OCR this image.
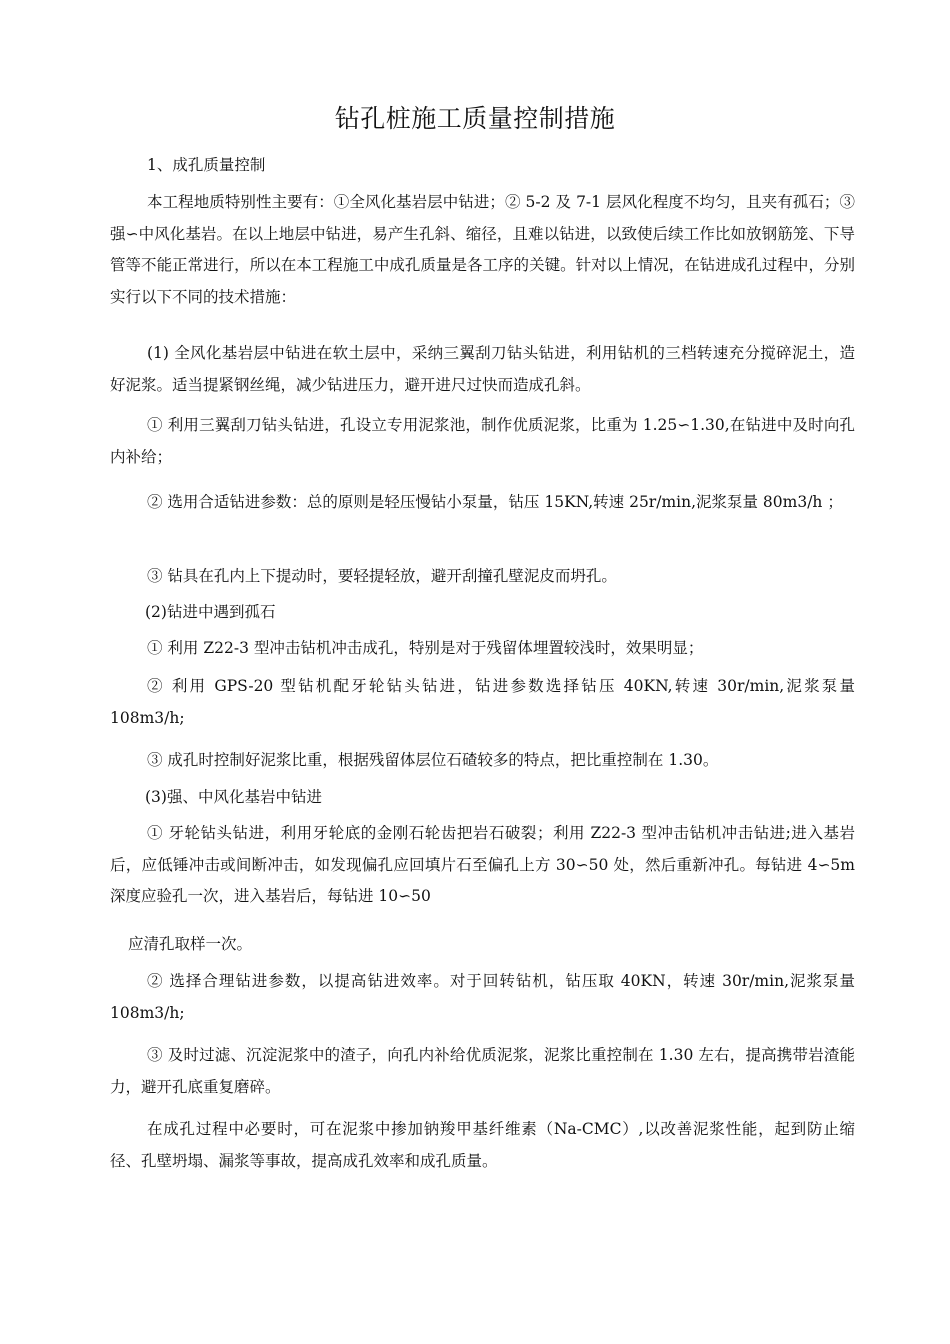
钻孔桩施工质量控制措施
1、成孔质量控制
本工程地质特别性主要有：①全风化基岩层中钻进；② 5-2 及 7-1 层风化程度不均匀，且夹有孤石；③强∽中风化基岩。在以上地层中钻进，易产生孔斜、缩径，且难以钻进，以致使后续工作比如放钢筋笼、下导管等不能正常进行，所以在本工程施工中成孔质量是各工序的关键。针对以上情况，在钻进成孔过程中，分别实行以下不同的技术措施：
(1) 全风化基岩层中钻进在软土层中，采纳三翼刮刀钻头钻进，利用钻机的三档转速充分搅碎泥土，造好泥浆。适当提紧钢丝绳，减少钻进压力，避开进尺过快而造成孔斜。
① 利用三翼刮刀钻头钻进，孔设立专用泥浆池，制作优质泥浆，比重为 1.25∽1.30,在钻进中及时向孔内补给；
② 选用合适钻进参数：总的原则是轻压慢钻小泵量，钻压 15KN,转速 25r/min,泥浆泵量 80m3/h ；
③ 钻具在孔内上下提动时，要轻提轻放，避开刮撞孔壁泥皮而坍孔。
(2)钻进中遇到孤石
① 利用 Z22-3 型冲击钻机冲击成孔，特别是对于残留体埋置较浅时，效果明显；
② 利用 GPS-20 型钻机配牙轮钻头钻进，钻进参数选择钻压 40KN,转速 30r/min,泥浆泵量 108m3/h;
③ 成孔时控制好泥浆比重，根据残留体层位石碴较多的特点，把比重控制在 1.30。
(3)强、中风化基岩中钻进
① 牙轮钻头钻进，利用牙轮底的金刚石轮齿把岩石破裂；利用 Z22-3 型冲击钻机冲击钻进;进入基岩后，应低锤冲击或间断冲击，如发现偏孔应回填片石至偏孔上方 30∽50 处，然后重新冲孔。每钻进 4∽5m 深度应验孔一次，进入基岩后，每钻进 10∽50
应清孔取样一次。
② 选择合理钻进参数，以提高钻进效率。对于回转钻机，钻压取 40KN，转速 30r/min,泥浆泵量 108m3/h;
③ 及时过滤、沉淀泥浆中的渣子，向孔内补给优质泥浆，泥浆比重控制在 1.30 左右，提高携带岩渣能力，避开孔底重复磨碎。
在成孔过程中必要时，可在泥浆中掺加钠羧甲基纤维素（Na-CMC）,以改善泥浆性能，起到防止缩径、孔壁坍塌、漏浆等事故，提高成孔效率和成孔质量。
